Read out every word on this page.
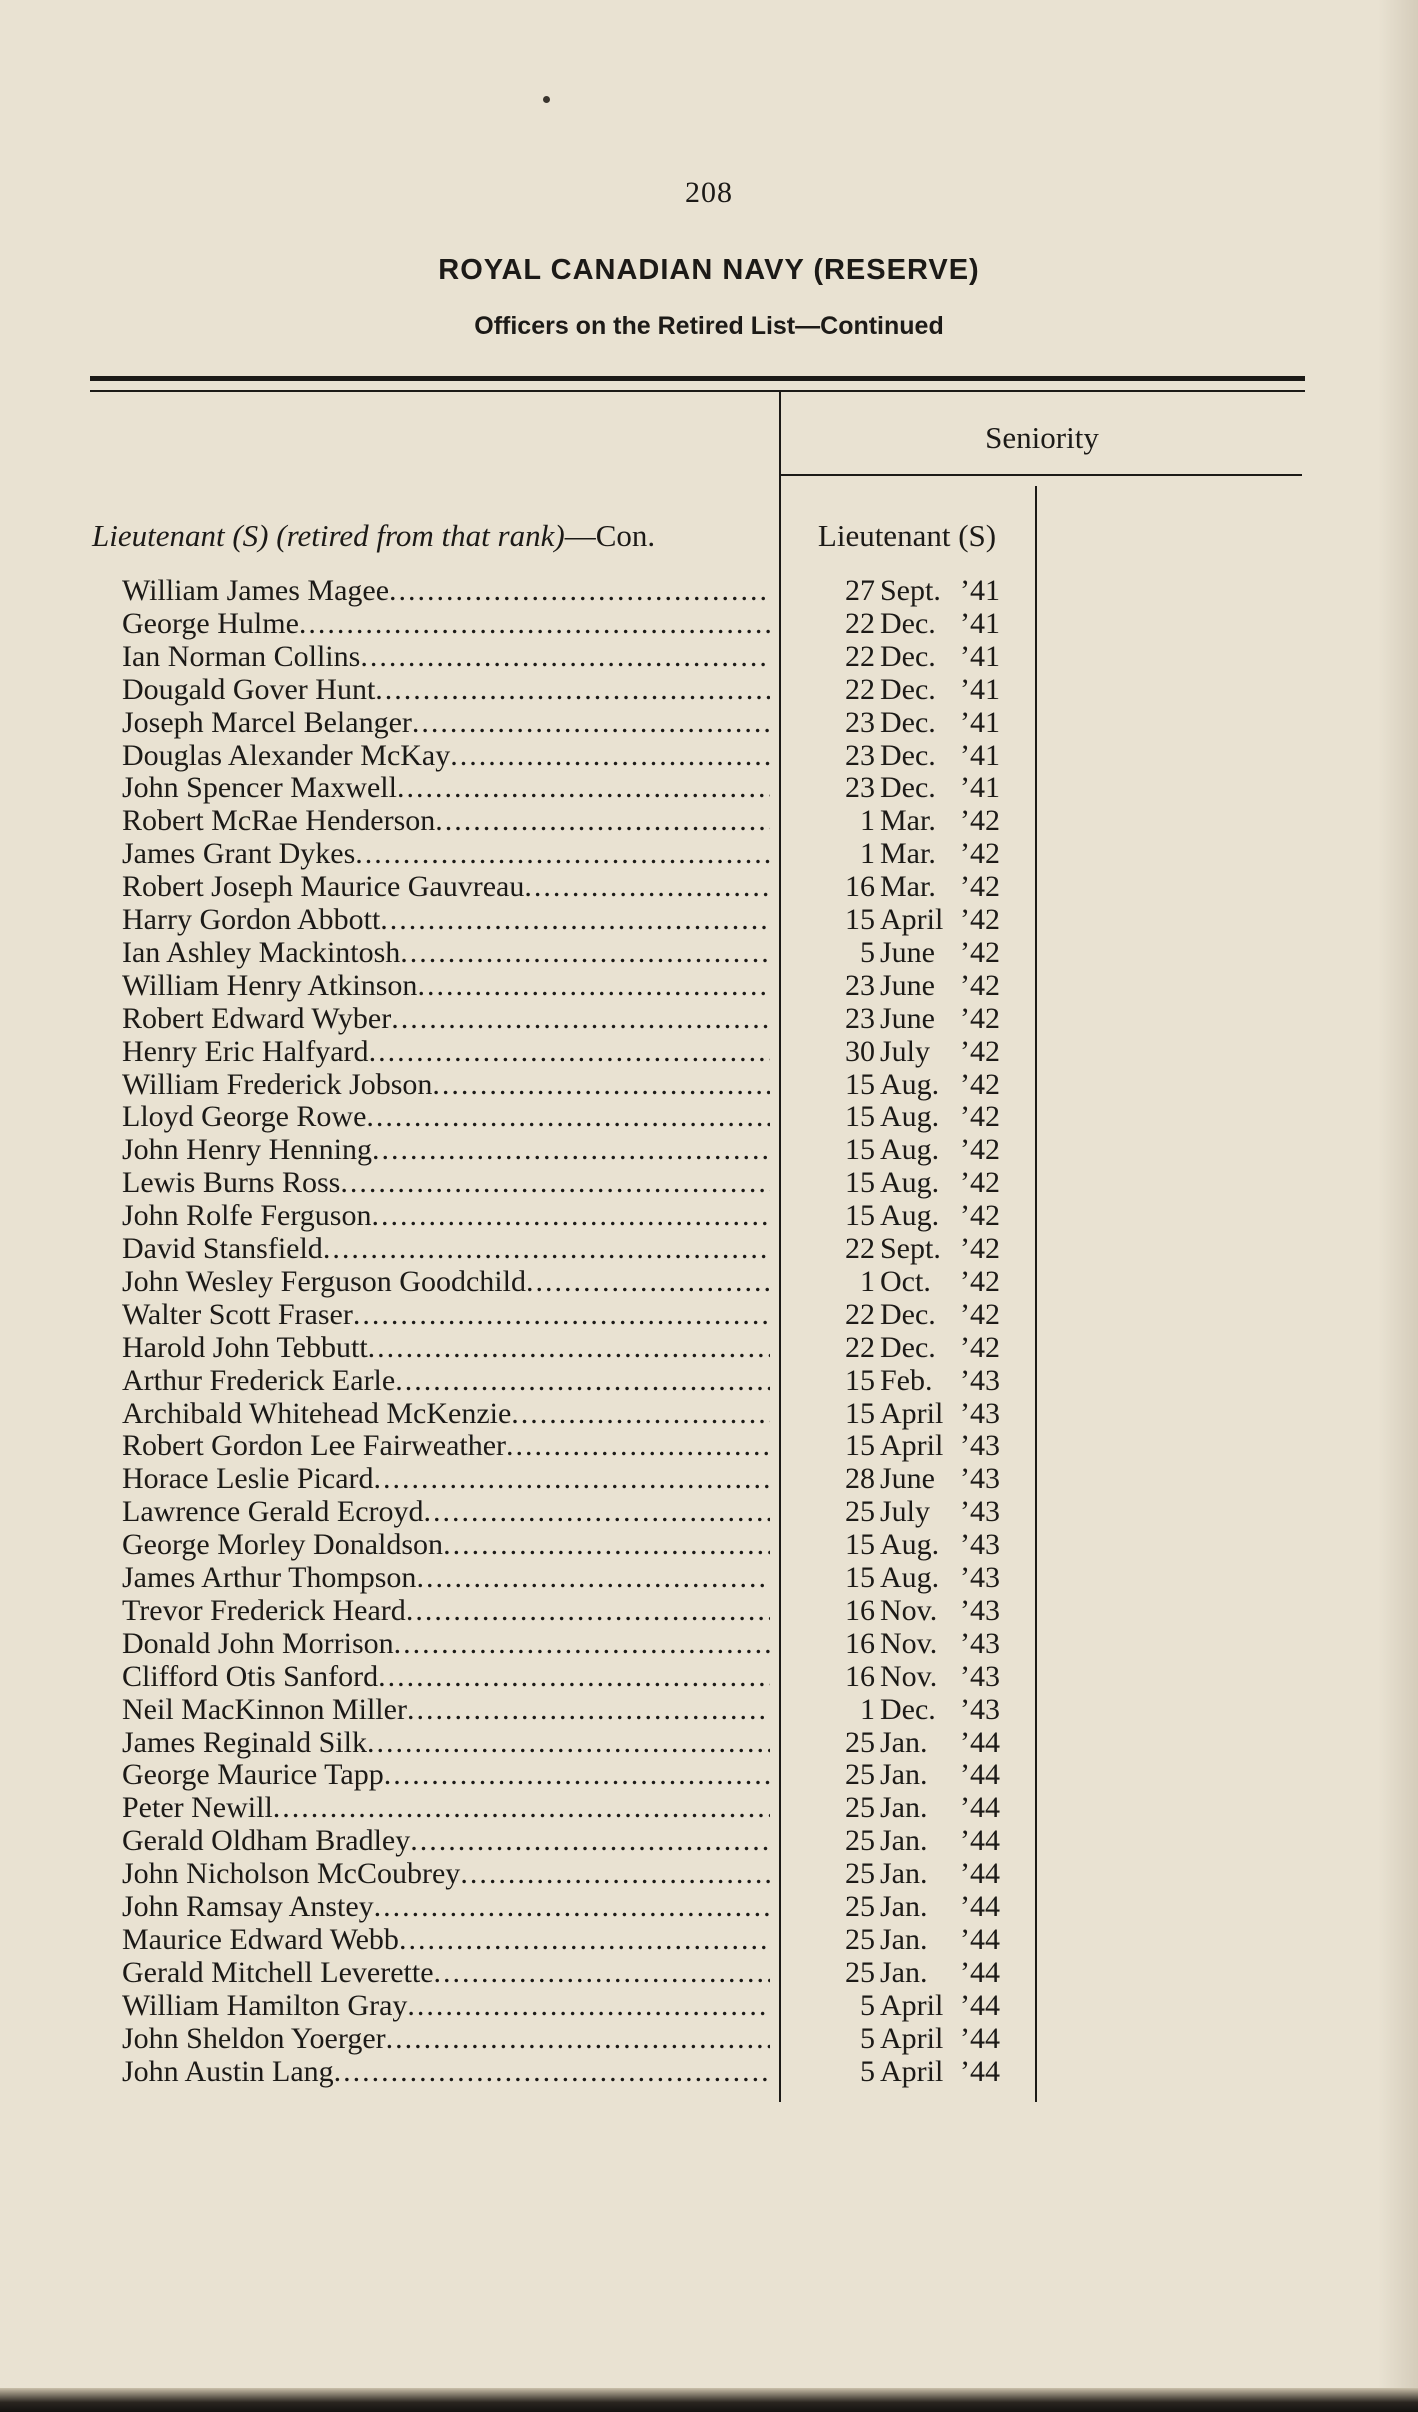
208
ROYAL CANADIAN NAVY (RESERVE)
Officers on the Retired List—Continued
Seniority
Lieutenant (S) (retired from that rank)—Con.	Lieutenant (S)
William James Magee .....	27 Sept. ’41
George Hulme .....	22 Dec. ’41
Ian Norman Collins .....	22 Dec. ’41
Dougald Gover Hunt .....	22 Dec. ’41
Joseph Marcel Belanger .....	23 Dec. ’41
Douglas Alexander McKay .....	23 Dec. ’41
John Spencer Maxwell .....	23 Dec. ’41
Robert McRae Henderson .....	1 Mar. ’42
James Grant Dykes .....	1 Mar. ’42
Robert Joseph Maurice Gauvreau .....	16 Mar. ’42
Harry Gordon Abbott .....	15 April ’42
Ian Ashley Mackintosh .....	5 June ’42
William Henry Atkinson .....	23 June ’42
Robert Edward Wyber .....	23 June ’42
Henry Eric Halfyard .....	30 July ’42
William Frederick Jobson .....	15 Aug. ’42
Lloyd George Rowe .....	15 Aug. ’42
John Henry Henning .....	15 Aug. ’42
Lewis Burns Ross .....	15 Aug. ’42
John Rolfe Ferguson .....	15 Aug. ’42
David Stansfield .....	22 Sept. ’42
John Wesley Ferguson Goodchild .....	1 Oct. ’42
Walter Scott Fraser .....	22 Dec. ’42
Harold John Tebbutt .....	22 Dec. ’42
Arthur Frederick Earle .....	15 Feb. ’43
Archibald Whitehead McKenzie .....	15 April ’43
Robert Gordon Lee Fairweather .....	15 April ’43
Horace Leslie Picard .....	28 June ’43
Lawrence Gerald Ecroyd .....	25 July ’43
George Morley Donaldson .....	15 Aug. ’43
James Arthur Thompson .....	15 Aug. ’43
Trevor Frederick Heard .....	16 Nov. ’43
Donald John Morrison .....	16 Nov. ’43
Clifford Otis Sanford .....	16 Nov. ’43
Neil MacKinnon Miller .....	1 Dec. ’43
James Reginald Silk .....	25 Jan.	’44
George Maurice Tapp .....	25 Jan.	’44
Peter Newill .....	25 Jan.	’44
Gerald Oldham Bradley .....	25 Jan.	’44
John Nicholson McCoubrey .....	25 Jan.	’44
John Ramsay Anstey .....	25 Jan.	’44
Maurice Edward Webb .....	25 Jan.	’44
Gerald Mitchell Leverette .....	25 Jan.	’44
William Hamilton Gray .....	5 April ’44
John Sheldon Yoerger .....	5 April ’44
John Austin Lang .....	5 April ’44
